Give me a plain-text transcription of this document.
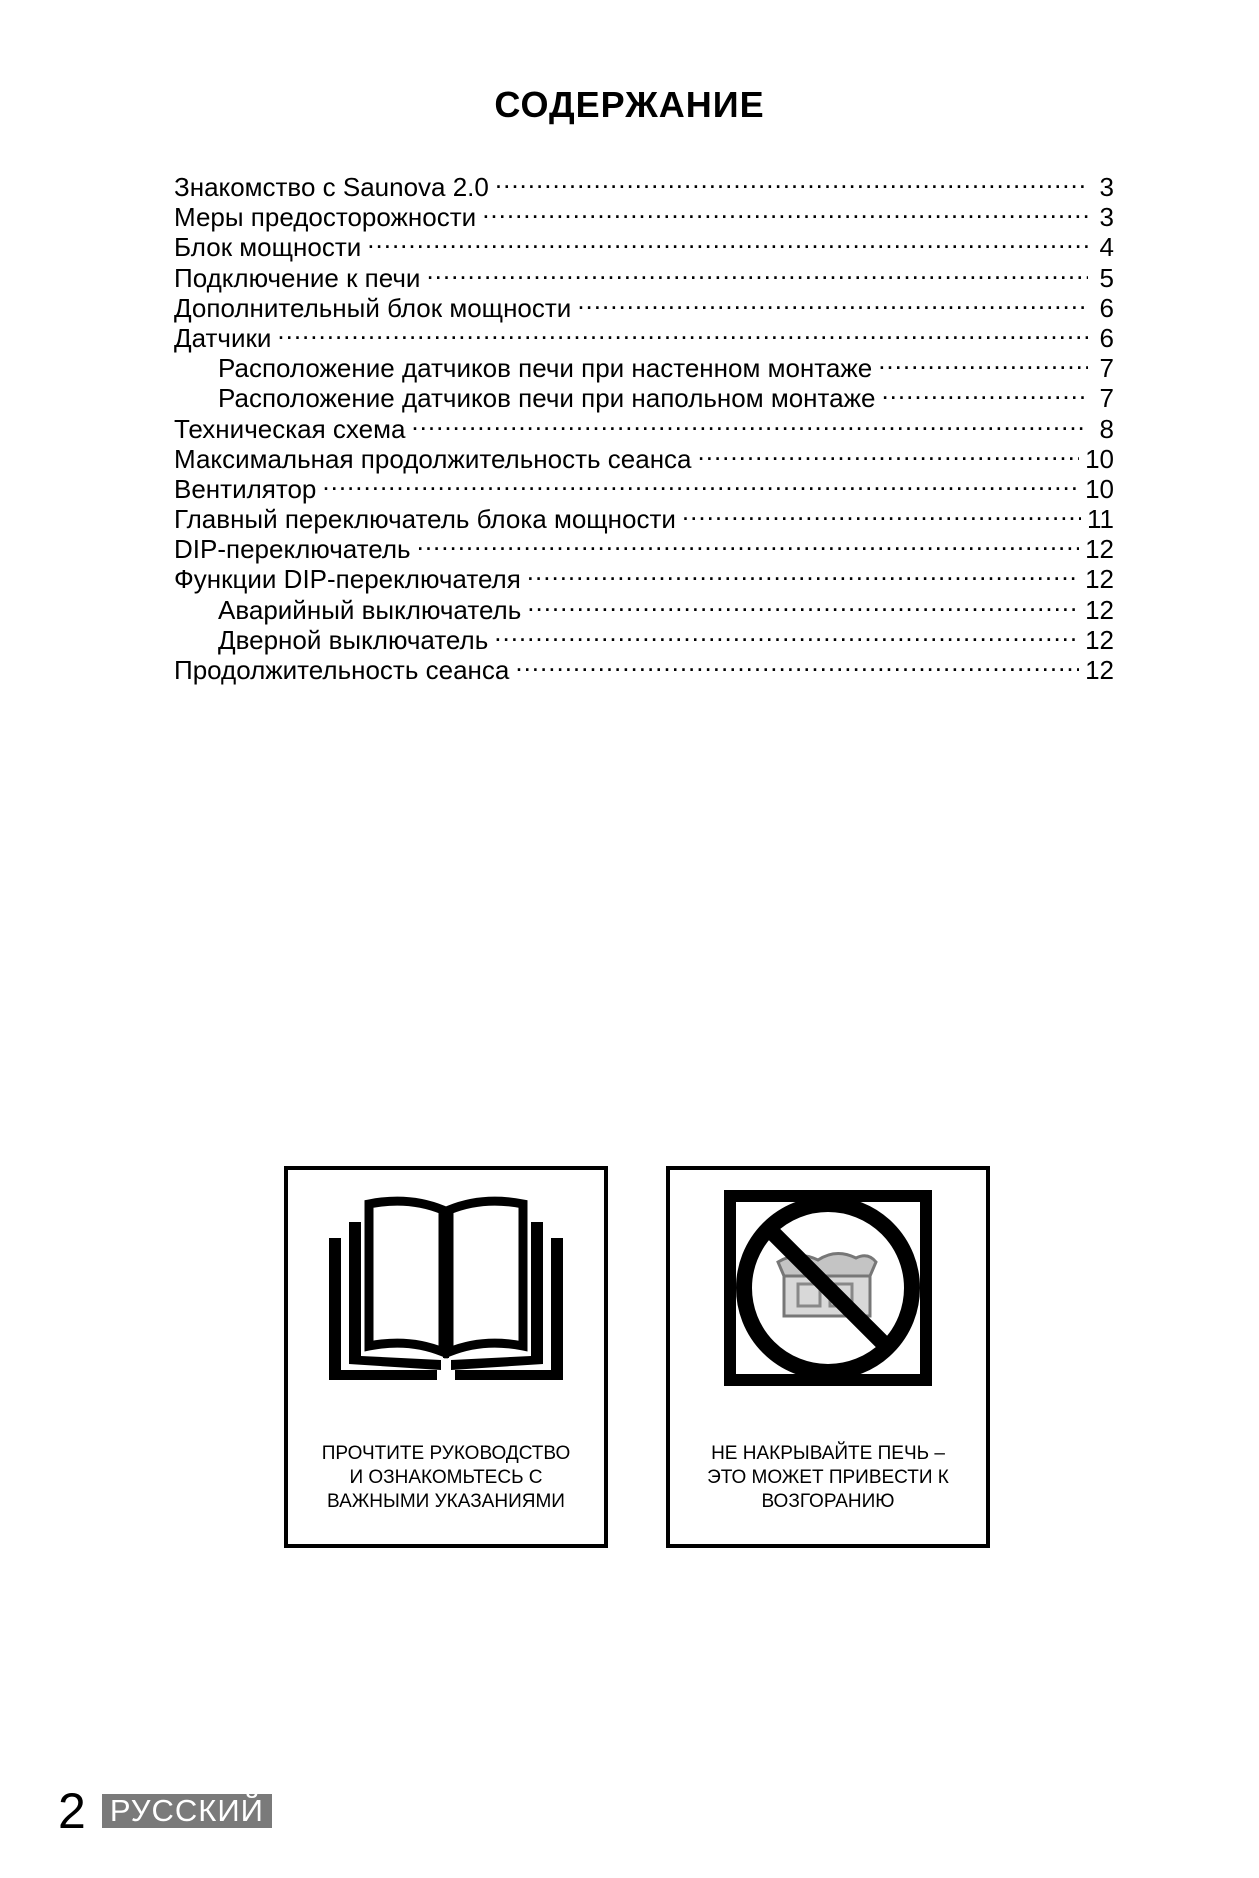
СОДЕРЖАНИЕ
Знакомство с Saunova 2.0 .....	3
Меры предосторожности .....	3
Блок мощности .....	4
Подключение к печи .....	5
Дополнительный блок мощности .....	6
Датчики .....	6
Расположение датчиков печи при настенном монтаже .....	7
Расположение датчиков печи при напольном монтаже .....	7
Техническая схема .....	8
Максимальная продолжительность сеанса .....	10
Вентилятор .....	10
Главный переключатель блока мощности .....	11
DIP-переключатель .....	12
Функции DIP-переключателя .....	12
Аварийный выключатель .....	12
Дверной выключатель .....	12
Продолжительность сеанса .....	12
ПРОЧТИТЕ РУКОВОДСТВО
И ОЗНАКОМЬТЕСЬ С
ВАЖНЫМИ УКАЗАНИЯМИ
НЕ НАКРЫВАЙТЕ ПЕЧЬ –
ЭТО МОЖЕТ ПРИВЕСТИ К
ВОЗГОРАНИЮ
2 РУССКИЙ
